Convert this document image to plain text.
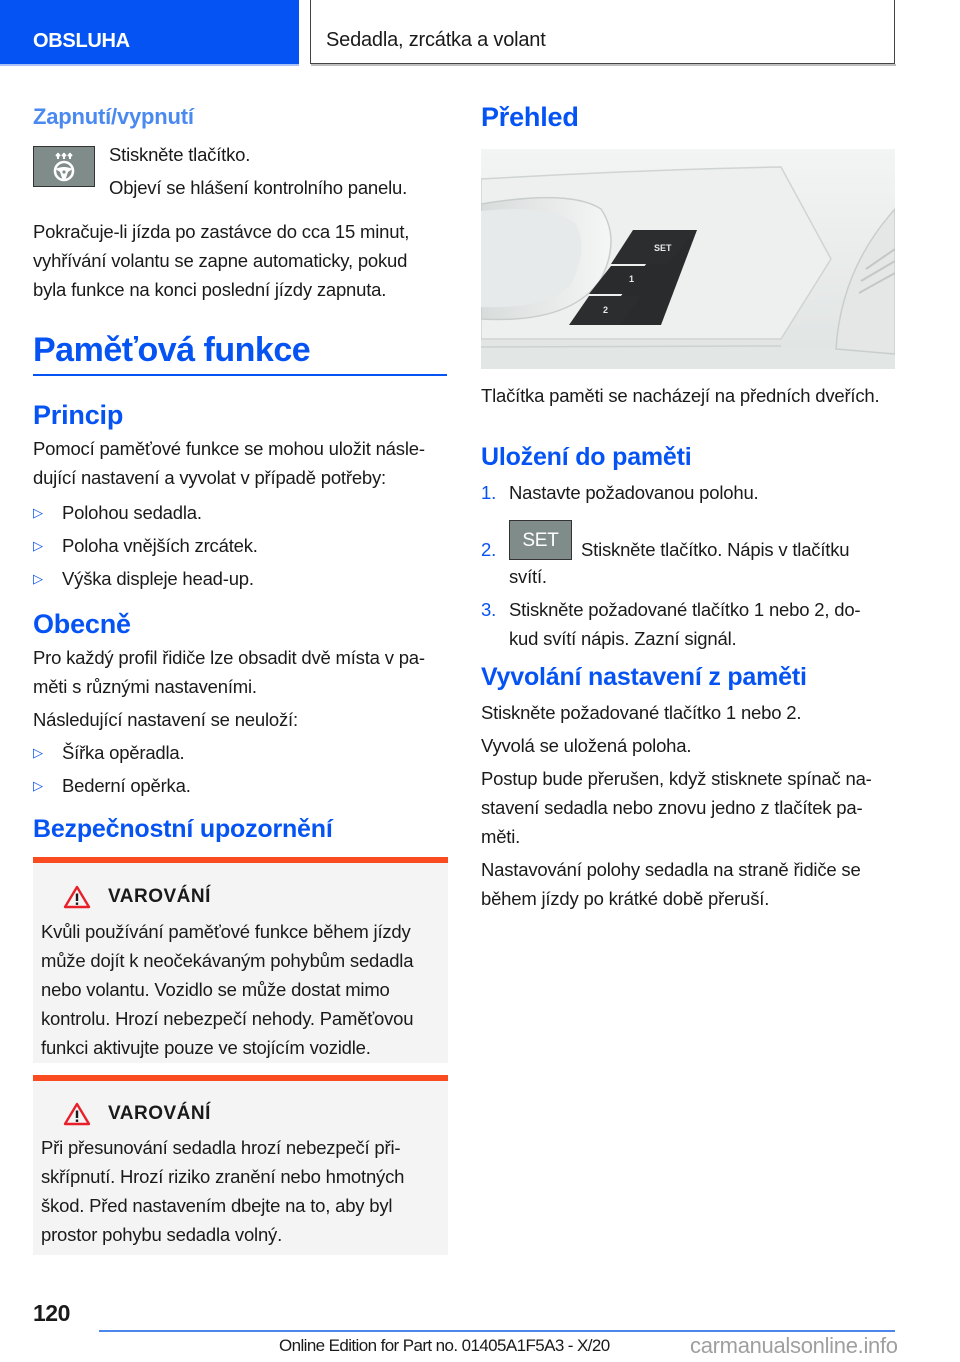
OBSLUHA	Sedadla, zrcátka a volant
Zapnutí/vypnutí
Stiskněte tlačítko.
Objeví se hlášení kontrolního panelu.
Pokračuje-li jízda po zastávce do cca 15 minut,
vyhřívání volantu se zapne automaticky, pokud
byla funkce na konci poslední jízdy zapnuta.
Paměťová funkce
Princip
Pomocí paměťové funkce se mohou uložit násle-
dující nastavení a vyvolat v případě potřeby:
▷	Polohou sedadla.
▷	Poloha vnějších zrcátek.
▷	Výška displeje head-up.
Obecně
Pro každý profil řidiče lze obsadit dvě místa v pa-
měti s různými nastaveními.
Následující nastavení se neuloží:
▷	Šířka opěradla.
▷	Bederní opěrka.
Bezpečnostní upozornění
VAROVÁNÍ
Kvůli používání paměťové funkce během jízdy
může dojít k neočekávaným pohybům sedadla
nebo volantu. Vozidlo se může dostat mimo
kontrolu. Hrozí nebezpečí nehody. Paměťovou
funkci aktivujte pouze ve stojícím vozidle.
VAROVÁNÍ
Při přesunování sedadla hrozí nebezpečí při-
skřípnutí. Hrozí riziko zranění nebo hmotných
škod. Před nastavením dbejte na to, aby byl
prostor pohybu sedadla volný.
Přehled
SET
1
2
Tlačítka paměti se nacházejí na předních dveřích.
Uložení do paměti
1. Nastavte požadovanou polohu.
2.	SET Stiskněte tlačítko. Nápis v tlačítku
svítí.
3. Stiskněte požadované tlačítko 1 nebo 2, do-
kud svítí nápis. Zazní signál.
Vyvolání nastavení z paměti
Stiskněte požadované tlačítko 1 nebo 2.
Vyvolá se uložená poloha.
Postup bude přerušen, když stisknete spínač na-
stavení sedadla nebo znovu jedno z tlačítek pa-
měti.
Nastavování polohy sedadla na straně řidiče se
během jízdy po krátké době přeruší.
120
Online Edition for Part no. 01405A1F5A3 - X/20	carmanualsonline.info
